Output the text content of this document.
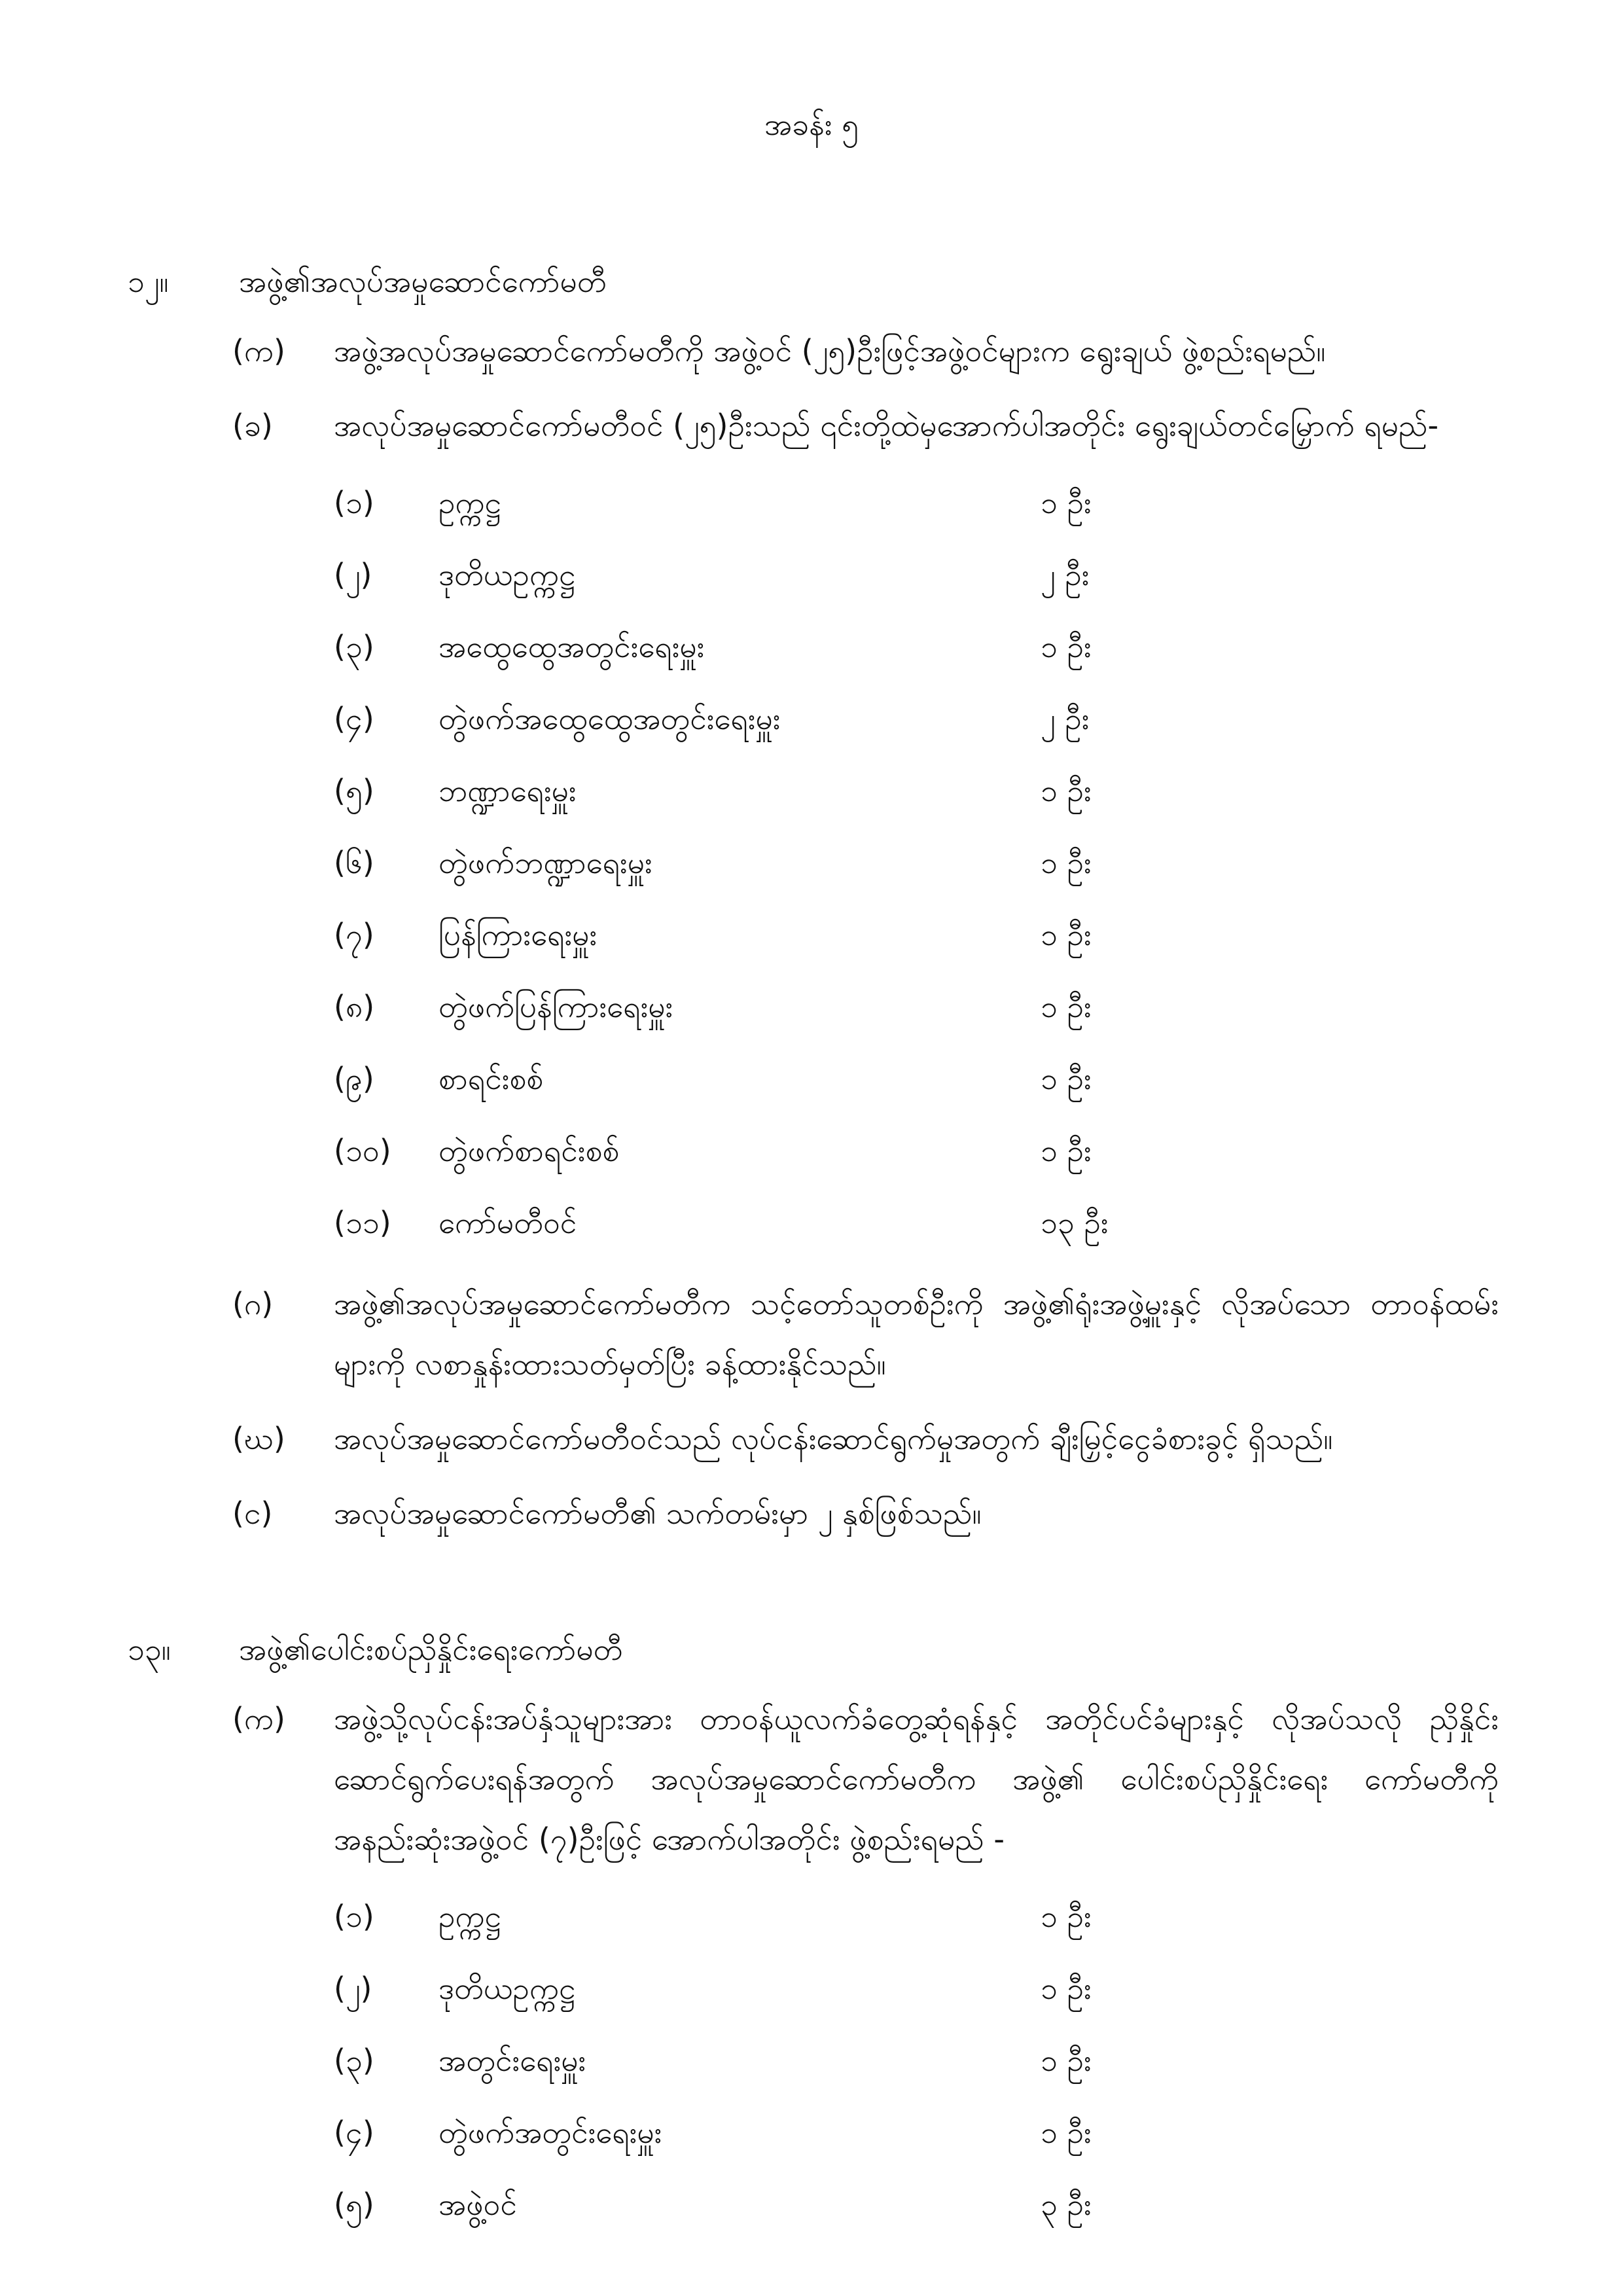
အခန်း ၅
၁၂။ အဖွဲ့၏အလုပ်အမှုဆောင်ကော်မတီ
(က) အဖွဲ့အလုပ်အမှုဆောင်ကော်မတီကို အဖွဲ့ဝင် (၂၅)ဦးဖြင့်အဖွဲ့ဝင်များက ရွေးချယ် ဖွဲ့စည်းရမည်။
(ခ) အလုပ်အမှုဆောင်ကော်မတီဝင် (၂၅)ဦးသည် ၎င်းတို့ထဲမှအောက်ပါအတိုင်း ရွေးချယ်တင်မြှောက် ရမည်-
(၁) ဥက္ကဋ္ဌ	၁ ဦး
(၂) ဒုတိယဥက္ကဋ္ဌ	၂ ဦး
(၃) အထွေထွေအတွင်းရေးမှူး	၁ ဦး
(၄) တွဲဖက်အထွေထွေအတွင်းရေးမှူး	၂ ဦး
(၅) ဘဏ္ဍာရေးမှူး	၁ ဦး
(၆) တွဲဖက်ဘဏ္ဍာရေးမှူး	၁ ဦး
(၇) ပြန်ကြားရေးမှူး	၁ ဦး
(၈) တွဲဖက်ပြန်ကြားရေးမှူး	၁ ဦး
(၉) စာရင်းစစ်	၁ ဦး
(၁၀) တွဲဖက်စာရင်းစစ်	၁ ဦး
(၁၁) ကော်မတီဝင်	၁၃ ဦး
(ဂ) အဖွဲ့၏အလုပ်အမှုဆောင်ကော်မတီက သင့်တော်သူတစ်ဦးကို အဖွဲ့၏ရုံးအဖွဲ့မှူးနှင့် လိုအပ်သော တာဝန်ထမ်းများကို လစာနှုန်းထားသတ်မှတ်ပြီး ခန့်ထားနိုင်သည်။
(ဃ) အလုပ်အမှုဆောင်ကော်မတီဝင်သည် လုပ်ငန်းဆောင်ရွက်မှုအတွက် ချီးမြှင့်ငွေခံစားခွင့် ရှိသည်။
(င) အလုပ်အမှုဆောင်ကော်မတီ၏ သက်တမ်းမှာ ၂ နှစ်ဖြစ်သည်။
၁၃။ အဖွဲ့၏ပေါင်းစပ်ညှိနှိုင်းရေးကော်မတီ
(က) အဖွဲ့သို့လုပ်ငန်းအပ်နှံသူများအား တာဝန်ယူလက်ခံတွေ့ဆုံရန်နှင့် အတိုင်ပင်ခံများနှင့် လိုအပ်သလို ညှိနှိုင်းဆောင်ရွက်ပေးရန်အတွက် အလုပ်အမှုဆောင်ကော်မတီက အဖွဲ့၏ ပေါင်းစပ်ညှိနှိုင်းရေး ကော်မတီကို အနည်းဆုံးအဖွဲ့ဝင် (၇)ဦးဖြင့် အောက်ပါအတိုင်း ဖွဲ့စည်းရမည် -
(၁) ဥက္ကဋ္ဌ	၁ ဦး
(၂) ဒုတိယဥက္ကဋ္ဌ	၁ ဦး
(၃) အတွင်းရေးမှူး	၁ ဦး
(၄) တွဲဖက်အတွင်းရေးမှူး	၁ ဦး
(၅) အဖွဲ့ဝင်	၃ ဦး
